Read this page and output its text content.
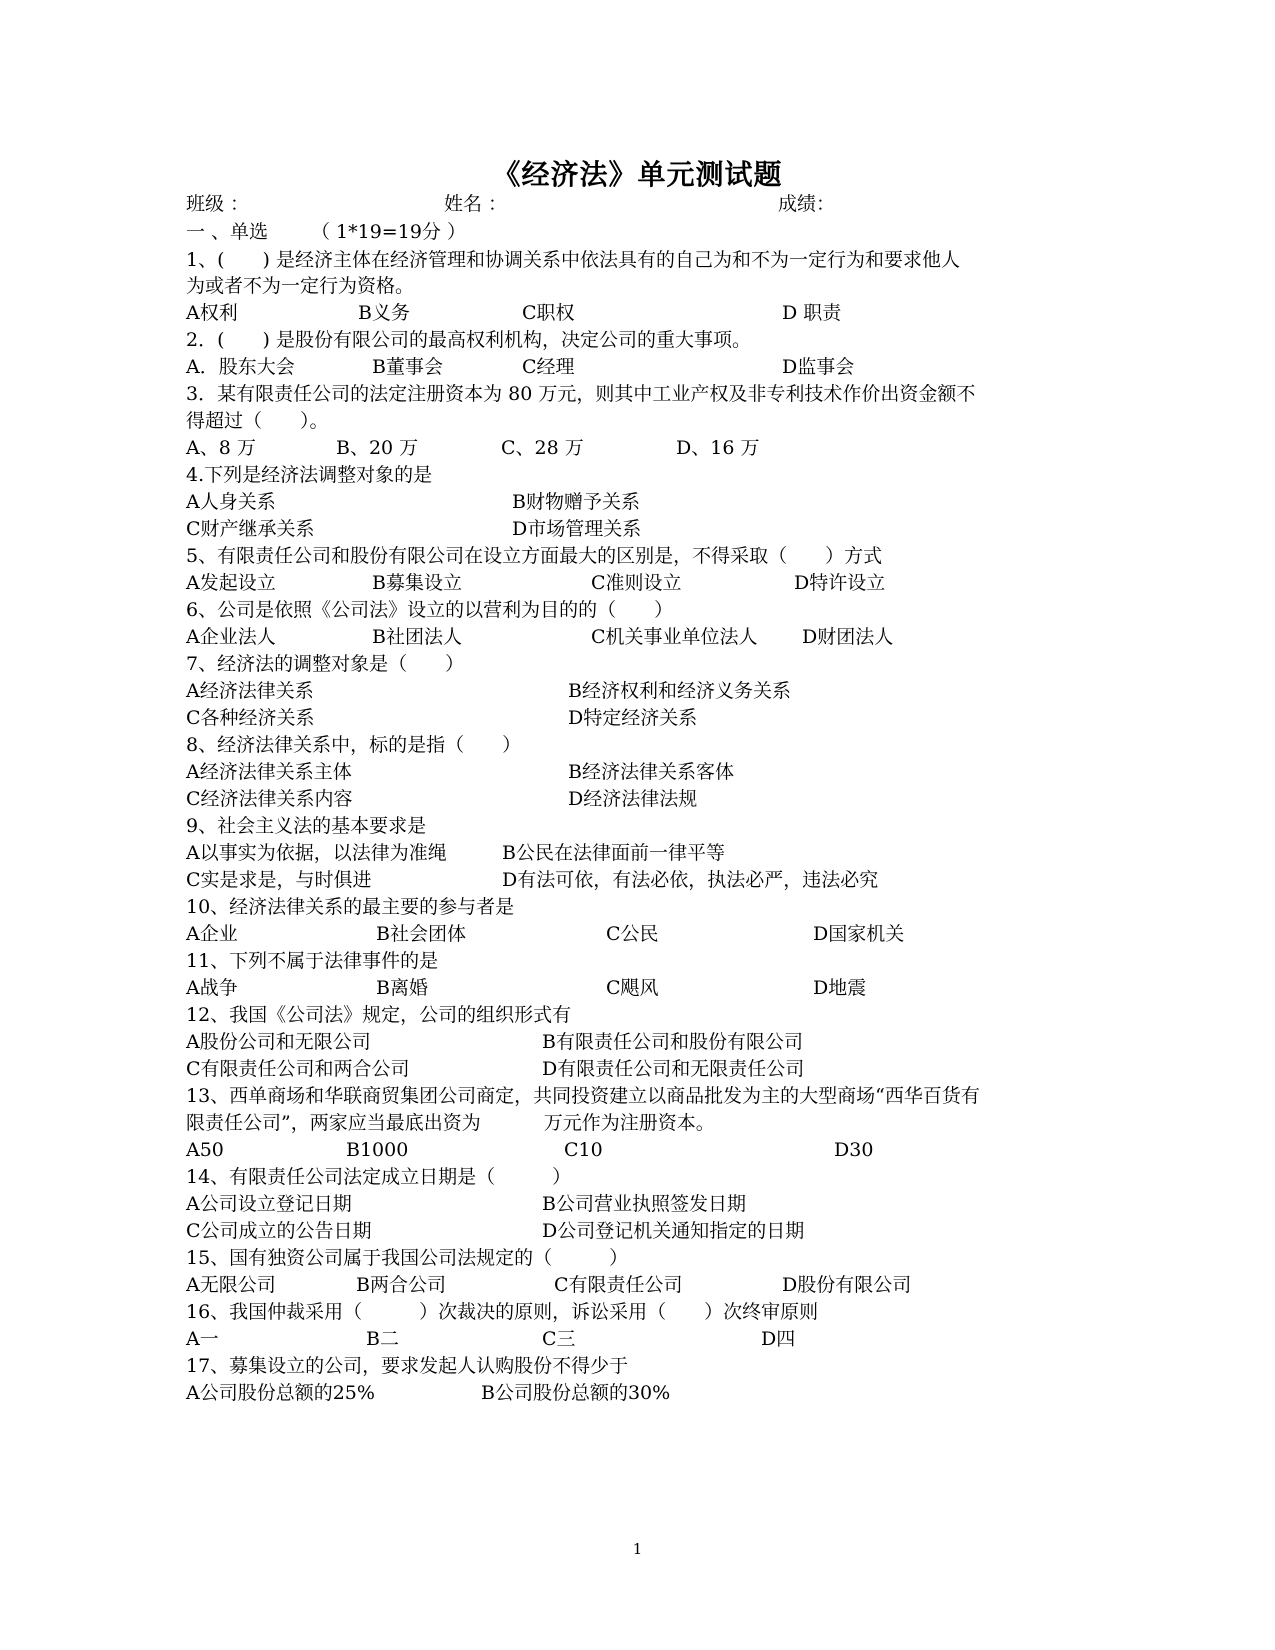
《经济法》单元测试题
班级 ：	姓名 ：	成绩：
一 、单选 （ 1*19=19分 ）
1、(　　) 是经济主体在经济管理和协调关系中依法具有的自己为和不为一定行为和要求他人
为或者不为一定行为资格。
A权利	B义务	C职权	D 职责
2．(　　) 是股份有限公司的最高权利机构，决定公司的重大事项。
A．股东大会	B董事会	C经理	D监事会
3．某有限责任公司的法定注册资本为 80 万元，则其中工业产权及非专利技术作价出资金额不
得超过（　　）。
A、8 万	B、20 万	C、28 万	D、16 万
4.下列是经济法调整对象的是
A人身关系	B财物赠予关系
C财产继承关系	D市场管理关系
5、有限责任公司和股份有限公司在设立方面最大的区别是，不得采取（　　）方式
A发起设立	B募集设立	C准则设立	D特许设立
6、公司是依照《公司法》设立的以营利为目的的（　　）
A企业法人	B社团法人	C机关事业单位法人 D财团法人
7、经济法的调整对象是（　　）
A经济法律关系	B经济权利和经济义务关系
C各种经济关系	D特定经济关系
8、经济法律关系中，标的是指（　　）
A经济法律关系主体	B经济法律关系客体
C经济法律关系内容	D经济法律法规
9、社会主义法的基本要求是
A以事实为依据，以法律为准绳	B公民在法律面前一律平等
C实是求是，与时俱进	D有法可依，有法必依，执法必严，违法必究
10、经济法律关系的最主要的参与者是
A企业	B社会团体	C公民	D国家机关
11、下列不属于法律事件的是
A战争	B离婚	C飓风	D地震
12、我国《公司法》规定，公司的组织形式有
A股份公司和无限公司	B有限责任公司和股份有限公司
C有限责任公司和两合公司	D有限责任公司和无限责任公司
13、西单商场和华联商贸集团公司商定，共同投资建立以商品批发为主的大型商场“西华百货有
限责任公司”，两家应当最底出资为　　　 万元作为注册资本。
A50	B1000	C10	D30
14、有限责任公司法定成立日期是（　　　）
A公司设立登记日期	B公司营业执照签发日期
C公司成立的公告日期	D公司登记机关通知指定的日期
15、国有独资公司属于我国公司法规定的（　　　）
A无限公司	B两合公司	C有限责任公司	D股份有限公司
16、我国仲裁采用（　　　）次裁决的原则，诉讼采用（　　）次终审原则
A一	B二	C三	D四
17、募集设立的公司，要求发起人认购股份不得少于
A公司股份总额的25%	B公司股份总额的30%
1
